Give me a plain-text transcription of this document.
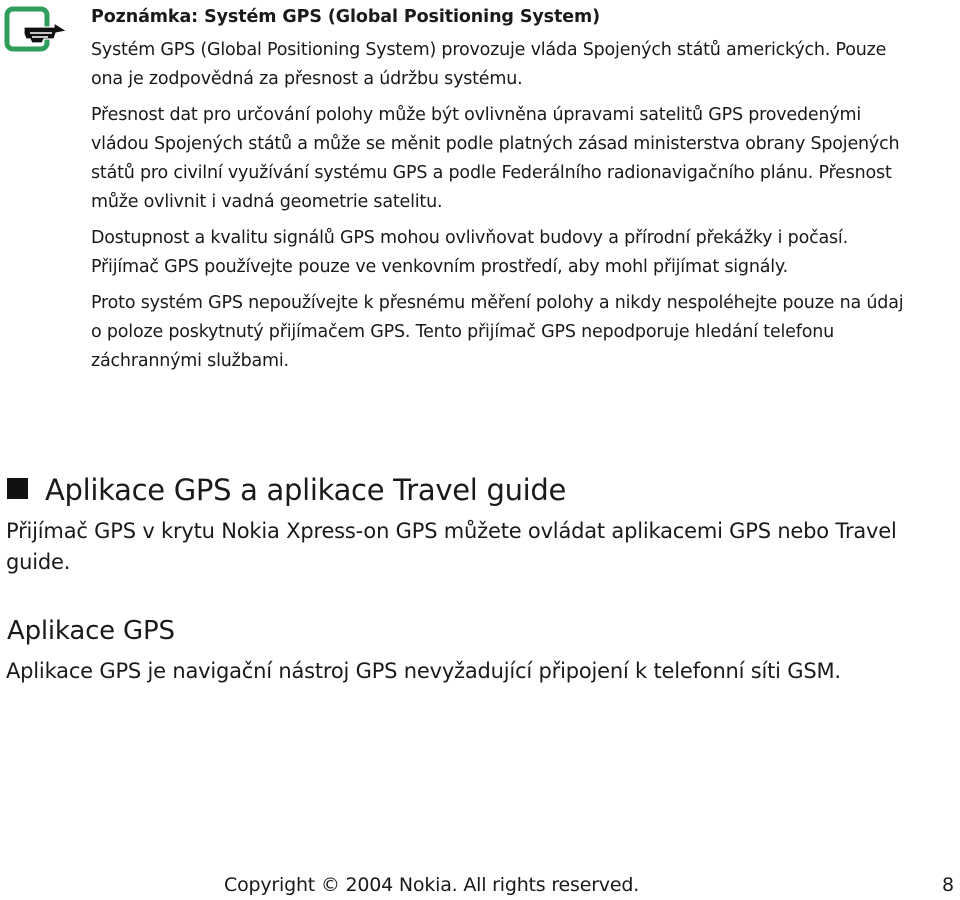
Poznámka: Systém GPS (Global Positioning System)

Systém GPS (Global Positioning System) provozuje vláda Spojených států amerických. Pouze ona je zodpovědná za přesnost a údržbu systému.

Přesnost dat pro určování polohy může být ovlivněna úpravami satelitů GPS provedenými vládou Spojených států a může se měnit podle platných zásad ministerstva obrany Spojených států pro civilní využívání systému GPS a podle Federálního radionavigačního plánu. Přesnost může ovlivnit i vadná geometrie satelitu.

Dostupnost a kvalitu signálů GPS mohou ovlivňovat budovy a přírodní překážky i počasí. Přijímač GPS používejte pouze ve venkovním prostředí, aby mohl přijímat signály.

Proto systém GPS nepoužívejte k přesnému měření polohy a nikdy nespoléhejte pouze na údaj o poloze poskytnutý přijímačem GPS. Tento přijímač GPS nepodporuje hledání telefonu záchrannými službami.

Aplikace GPS a aplikace Travel guide

Přijímač GPS v krytu Nokia Xpress-on GPS můžete ovládat aplikacemi GPS nebo Travel guide.

Aplikace GPS

Aplikace GPS je navigační nástroj GPS nevyžadující připojení k telefonní síti GSM.

Copyright © 2004 Nokia. All rights reserved.	8
